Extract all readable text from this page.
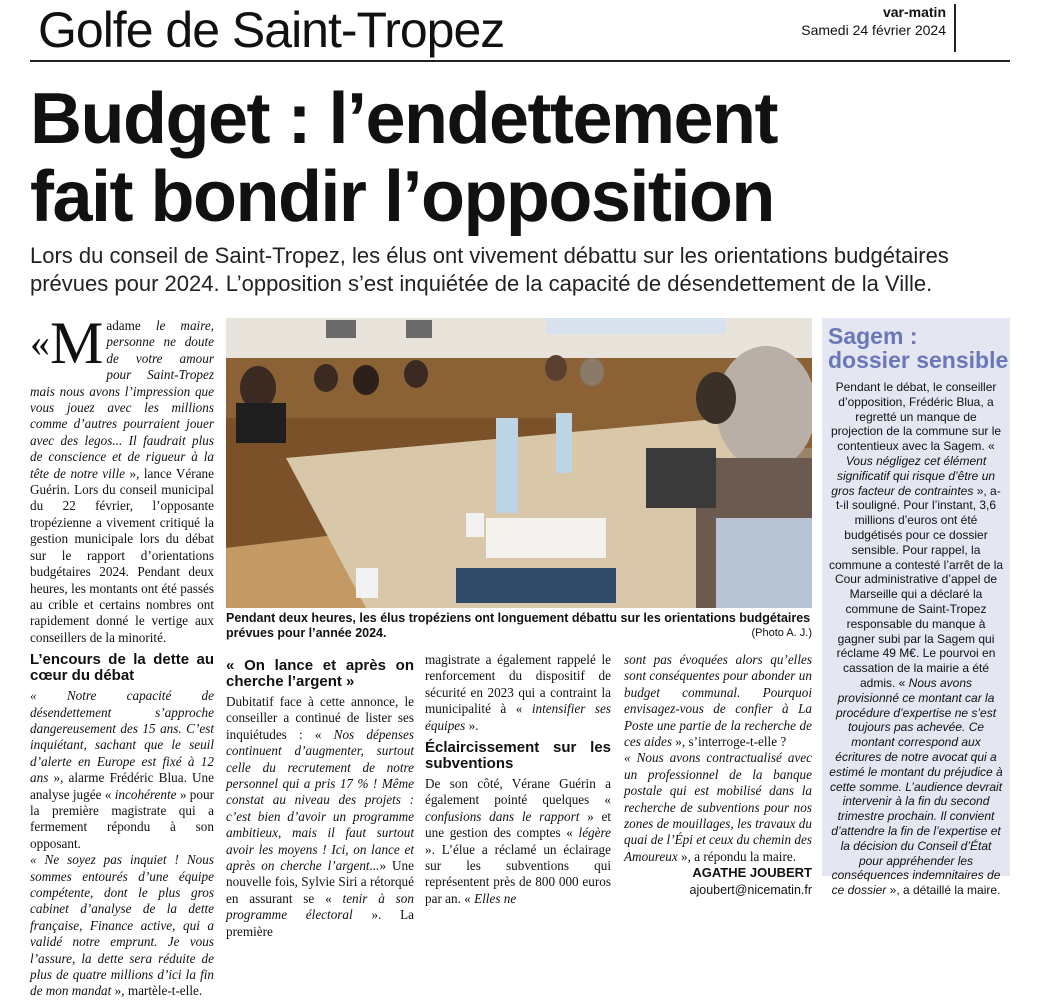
Golfe de Saint-Tropez	var-matin
Samedi 24 février 2024
Budget : l’endettement
fait bondir l’opposition
Lors du conseil de Saint-Tropez, les élus ont vivement débattu sur les orientations budgétaires prévues pour 2024. L’opposition s’est inquiétée de la capacité de désendettement de la Ville.

«M adame le maire, personne ne doute de votre amour pour Saint-Tropez mais nous avons l’impression que vous jouez avec les millions comme d’autres pourraient jouer avec des legos... Il faudrait plus de conscience et de rigueur à la tête de notre ville », lance Vérane Guérin. Lors du conseil municipal du 22 février, l’opposante tropézienne a vivement critiqué la gestion municipale lors du débat sur le rapport d’orientations budgétaires 2024. Pendant deux heures, les montants ont été passés au crible et certains nombres ont rapidement donné le vertige aux conseillers de la minorité.

L’encours de la dette au cœur du débat

« Notre capacité de désendettement s’approche dangereusement des 15 ans. C’est inquiétant, sachant que le seuil d’alerte en Europe est fixé à 12 ans », alarme Frédéric Blua. Une analyse jugée « incohérente » pour la première magistrate qui a fermement répondu à son opposant.

« Ne soyez pas inquiet ! Nous sommes entourés d’une équipe compétente, dont le plus gros cabinet d’analyse de la dette française, Finance active, qui a validé notre emprunt. Je vous l’assure, la dette sera réduite de plus de quatre millions d’ici la fin de mon mandat », martèle-t-elle.

Pendant deux heures, les élus tropéziens ont longuement débattu sur les orientations budgétaires prévues pour l’année 2024.	(Photo A. J.)
« On lance et après on cherche l’argent »

Dubitatif face à cette annonce, le conseiller a continué de lister ses inquiétudes : « Nos dépenses continuent d’augmenter, surtout celle du recrutement de notre personnel qui a pris 17 % ! Même constat au niveau des projets : c’est bien d’avoir un programme ambitieux, mais il faut surtout avoir les moyens ! Ici, on lance et après on cherche l’argent...» Une nouvelle fois, Sylvie Siri a rétorqué en assurant se « tenir à son programme électoral ». La première

magistrate a également rappelé le renforcement du dispositif de sécurité en 2023 qui a contraint la municipalité à « intensifier ses équipes ».

Éclaircissement sur les subventions

De son côté, Vérane Guérin a également pointé quelques « confusions dans le rapport » et une gestion des comptes « légère ». L’élue a réclamé un éclairage sur les subventions qui représentent près de 800 000 euros par an. « Elles ne

sont pas évoquées alors qu’elles sont conséquentes pour abonder un budget communal. Pourquoi envisagez-vous de confier à La Poste une partie de la recherche de ces aides », s’interroge-t-elle ?

« Nous avons contractualisé avec un professionnel de la banque postale qui est mobilisé dans la recherche de subventions pour nos zones de mouillages, les travaux du quai de l’Épi et ceux du chemin des Amoureux », a répondu la maire.

AGATHE JOUBERT
ajoubert@nicematin.fr
Sagem :
dossier sensible
Pendant le débat, le conseiller d’opposition, Frédéric Blua, a regretté un manque de projection de la commune sur le contentieux avec la Sagem. « Vous négligez cet élément significatif qui risque d’être un gros facteur de contraintes », a-t-il souligné. Pour l’instant, 3,6 millions d’euros ont été budgétisés pour ce dossier sensible. Pour rappel, la commune a contesté l’arrêt de la Cour administrative d’appel de Marseille qui a déclaré la commune de Saint-Tropez responsable du manque à gagner subi par la Sagem qui réclame 49 M€. Le pourvoi en cassation de la mairie a été admis. « Nous avons provisionné ce montant car la procédure d’expertise ne s’est toujours pas achevée. Ce montant correspond aux écritures de notre avocat qui a estimé le montant du préjudice à cette somme. L’audience devrait intervenir à la fin du second trimestre prochain. Il convient d’attendre la fin de l’expertise et la décision du Conseil d’État pour appréhender les conséquences indemnitaires de ce dossier », a détaillé la maire.
